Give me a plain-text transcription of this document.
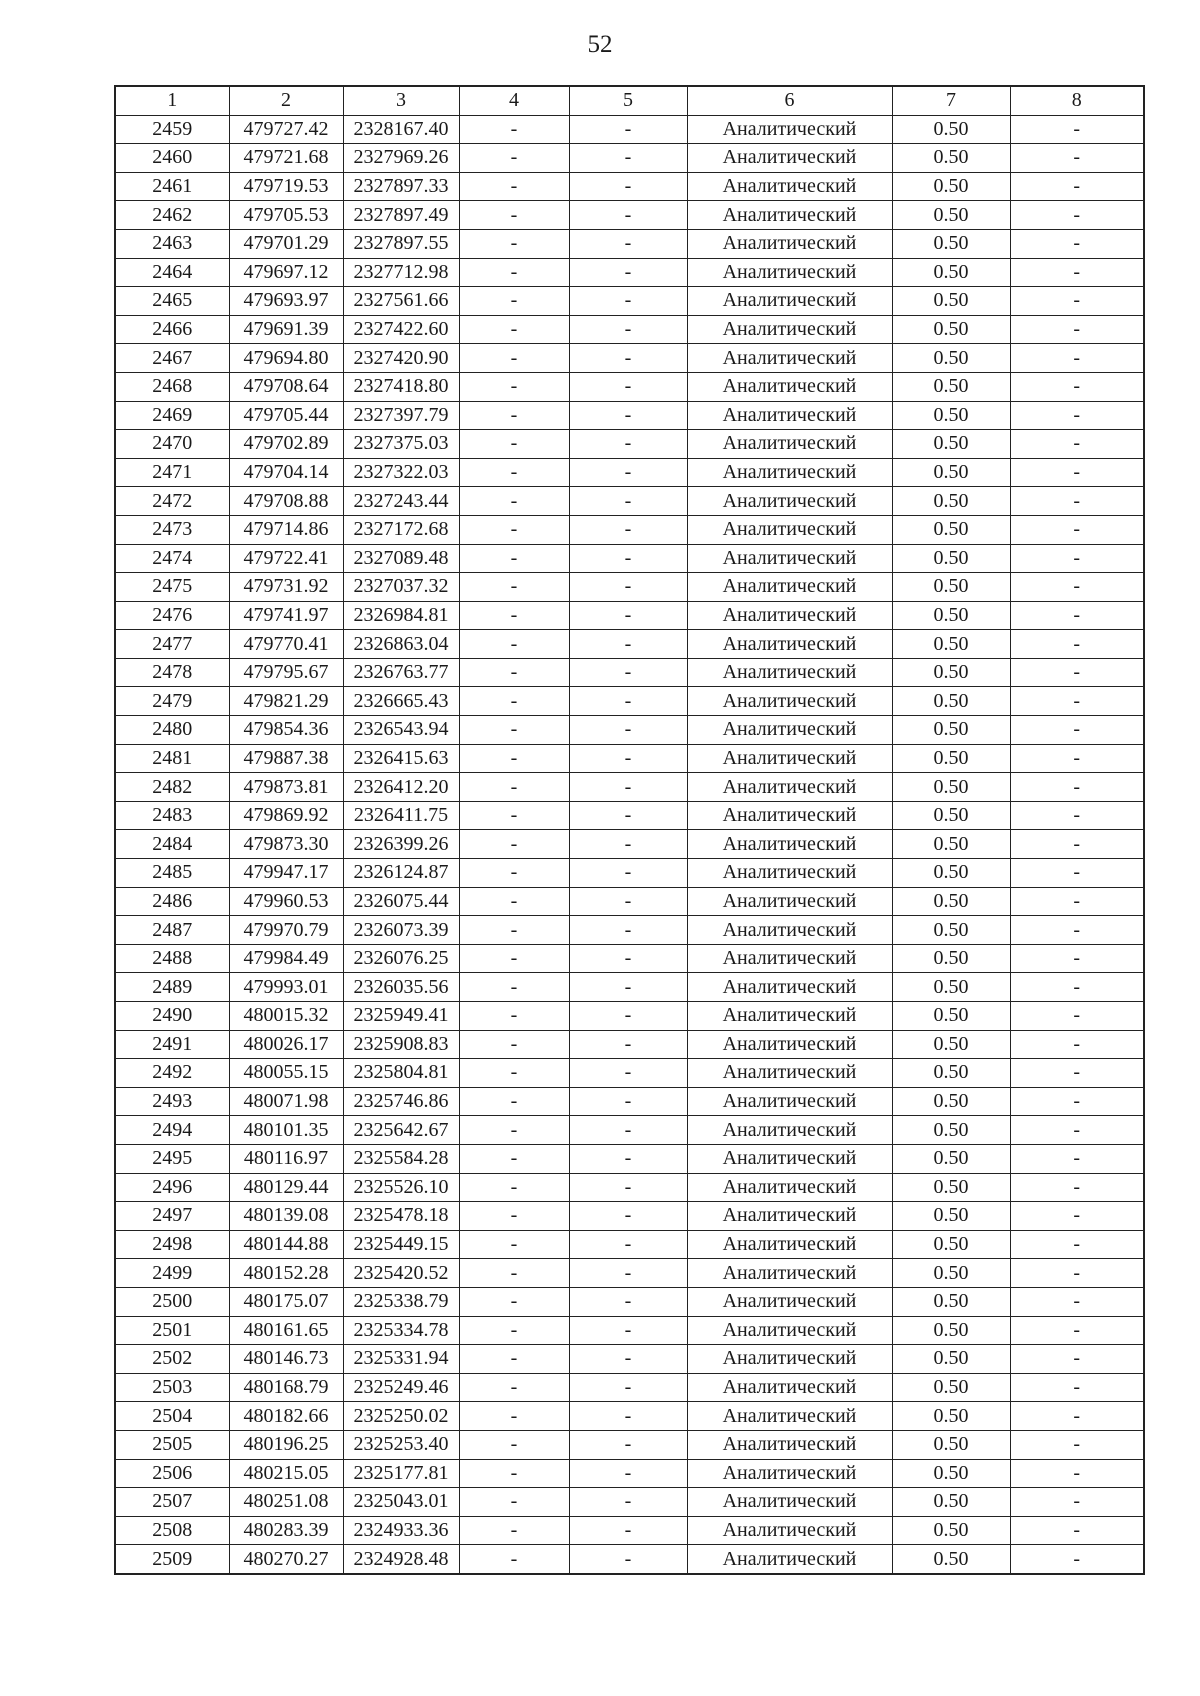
52
1	2	3	4	5	6	7	8
2459	479727.42	2328167.40	-	-	Аналитический	0.50	-
2460	479721.68	2327969.26	-	-	Аналитический	0.50	-
2461	479719.53	2327897.33	-	-	Аналитический	0.50	-
2462	479705.53	2327897.49	-	-	Аналитический	0.50	-
2463	479701.29	2327897.55	-	-	Аналитический	0.50	-
2464	479697.12	2327712.98	-	-	Аналитический	0.50	-
2465	479693.97	2327561.66	-	-	Аналитический	0.50	-
2466	479691.39	2327422.60	-	-	Аналитический	0.50	-
2467	479694.80	2327420.90	-	-	Аналитический	0.50	-
2468	479708.64	2327418.80	-	-	Аналитический	0.50	-
2469	479705.44	2327397.79	-	-	Аналитический	0.50	-
2470	479702.89	2327375.03	-	-	Аналитический	0.50	-
2471	479704.14	2327322.03	-	-	Аналитический	0.50	-
2472	479708.88	2327243.44	-	-	Аналитический	0.50	-
2473	479714.86	2327172.68	-	-	Аналитический	0.50	-
2474	479722.41	2327089.48	-	-	Аналитический	0.50	-
2475	479731.92	2327037.32	-	-	Аналитический	0.50	-
2476	479741.97	2326984.81	-	-	Аналитический	0.50	-
2477	479770.41	2326863.04	-	-	Аналитический	0.50	-
2478	479795.67	2326763.77	-	-	Аналитический	0.50	-
2479	479821.29	2326665.43	-	-	Аналитический	0.50	-
2480	479854.36	2326543.94	-	-	Аналитический	0.50	-
2481	479887.38	2326415.63	-	-	Аналитический	0.50	-
2482	479873.81	2326412.20	-	-	Аналитический	0.50	-
2483	479869.92	2326411.75	-	-	Аналитический	0.50	-
2484	479873.30	2326399.26	-	-	Аналитический	0.50	-
2485	479947.17	2326124.87	-	-	Аналитический	0.50	-
2486	479960.53	2326075.44	-	-	Аналитический	0.50	-
2487	479970.79	2326073.39	-	-	Аналитический	0.50	-
2488	479984.49	2326076.25	-	-	Аналитический	0.50	-
2489	479993.01	2326035.56	-	-	Аналитический	0.50	-
2490	480015.32	2325949.41	-	-	Аналитический	0.50	-
2491	480026.17	2325908.83	-	-	Аналитический	0.50	-
2492	480055.15	2325804.81	-	-	Аналитический	0.50	-
2493	480071.98	2325746.86	-	-	Аналитический	0.50	-
2494	480101.35	2325642.67	-	-	Аналитический	0.50	-
2495	480116.97	2325584.28	-	-	Аналитический	0.50	-
2496	480129.44	2325526.10	-	-	Аналитический	0.50	-
2497	480139.08	2325478.18	-	-	Аналитический	0.50	-
2498	480144.88	2325449.15	-	-	Аналитический	0.50	-
2499	480152.28	2325420.52	-	-	Аналитический	0.50	-
2500	480175.07	2325338.79	-	-	Аналитический	0.50	-
2501	480161.65	2325334.78	-	-	Аналитический	0.50	-
2502	480146.73	2325331.94	-	-	Аналитический	0.50	-
2503	480168.79	2325249.46	-	-	Аналитический	0.50	-
2504	480182.66	2325250.02	-	-	Аналитический	0.50	-
2505	480196.25	2325253.40	-	-	Аналитический	0.50	-
2506	480215.05	2325177.81	-	-	Аналитический	0.50	-
2507	480251.08	2325043.01	-	-	Аналитический	0.50	-
2508	480283.39	2324933.36	-	-	Аналитический	0.50	-
2509	480270.27	2324928.48	-	-	Аналитический	0.50	-
